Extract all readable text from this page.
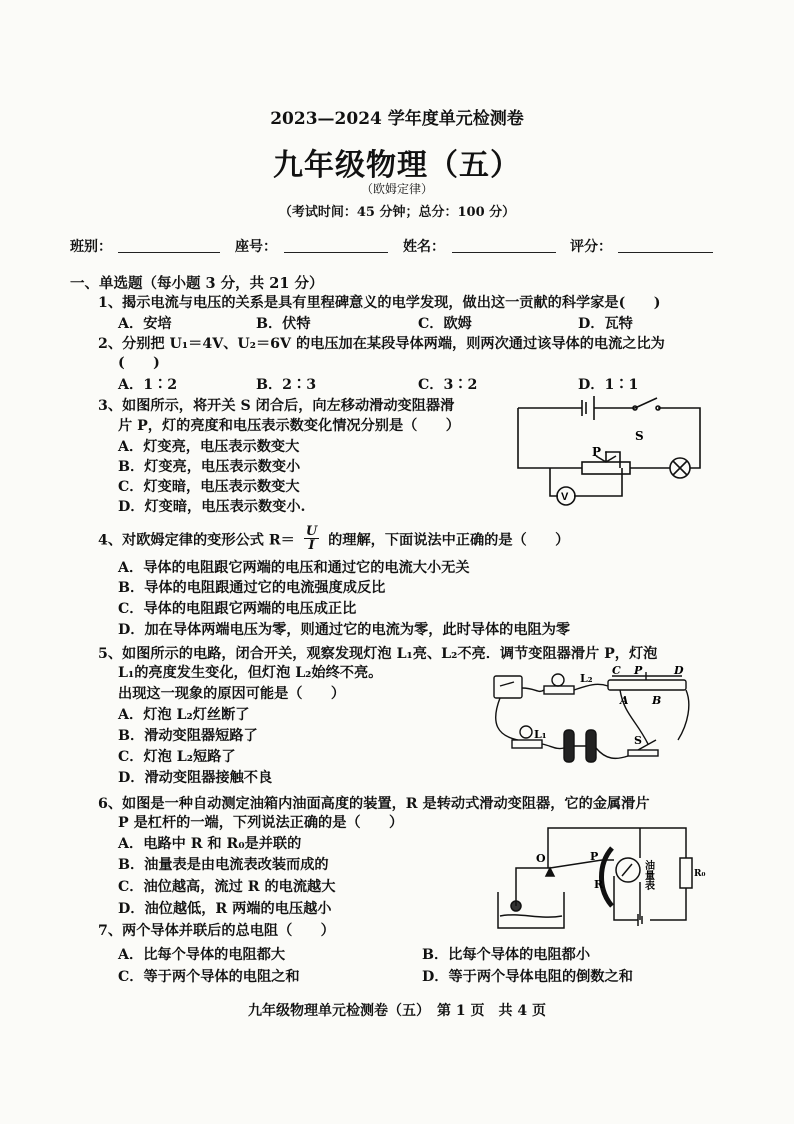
2023—2024 学年度单元检测卷
九年级物理（五）
（欧姆定律）
（考试时间：45 分钟；总分：100 分）
班别：	座号：	姓名：	评分：
一、单选题（每小题 3 分，共 21 分）
1、揭示电流与电压的关系是具有里程碑意义的电学发现，做出这一贡献的科学家是(　　)
A．安培	B．伏特	C．欧姆	D．瓦特
2、分别把 U₁＝4V、U₂＝6V 的电压加在某段导体两端，则两次通过该导体的电流之比为
(　　)
A．1∶2	B．2∶3	C．3∶2	D．1∶1
3、如图所示，将开关 S 闭合后，向左移动滑动变阻器滑
片 P，灯的亮度和电压表示数变化情况分别是（　　）
A．灯变亮，电压表示数变大
B．灯变亮，电压表示数变小
C．灯变暗，电压表示数变大
D．灯变暗，电压表示数变小.
S
P
V
4、对欧姆定律的变形公式 $R= \frac{U}{I}$ 的理解，下面说法中正确的是（　　）
A．导体的电阻跟它两端的电压和通过它的电流大小无关
B．导体的电阻跟通过它的电流强度成反比
C．导体的电阻跟它两端的电压成正比
D．加在导体两端电压为零，则通过它的电流为零，此时导体的电阻为零
5、如图所示的电路，闭合开关，观察发现灯泡 L₁亮、L₂不亮．调节变阻器滑片 P，灯泡
L₁的亮度发生变化，但灯泡 L₂始终不亮。
出现这一现象的原因可能是（　　）
A．灯泡 L₂灯丝断了
B．滑动变阻器短路了
C．灯泡 L₂短路了
D．滑动变阻器接触不良
L₂
C P	D
A B
L₁	S
6、如图是一种自动测定油箱内油面高度的装置，R 是转动式滑动变阻器，它的金属滑片
P 是杠杆的一端，下列说法正确的是（　　）
A．电路中 R 和 R₀是并联的
B．油量表是由电流表改装而成的
C．油位越高，流过 R 的电流越大
D．油位越低，R 两端的电压越小
O	P
R	油量表	R₀
7、两个导体并联后的总电阻（　　）
A．比每个导体的电阻都大	B．比每个导体的电阻都小
C．等于两个导体的电阻之和	D．等于两个导体电阻的倒数之和
九年级物理单元检测卷（五）　第 1 页　共 4 页
